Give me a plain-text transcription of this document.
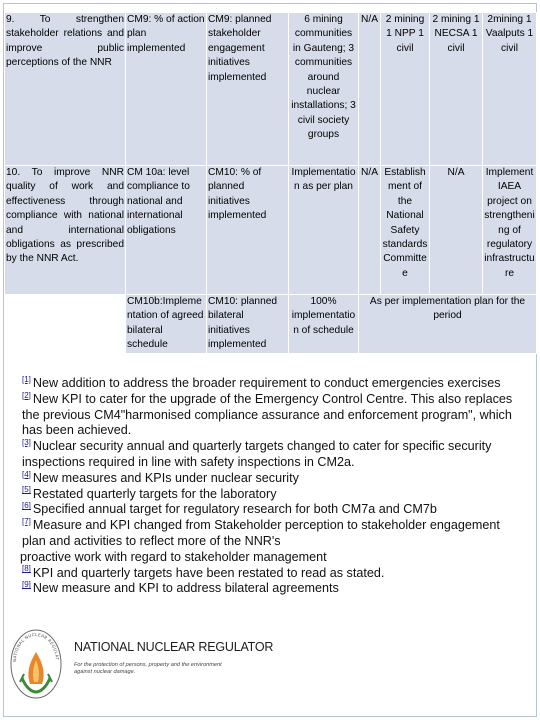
9. To strengthen stakeholder relations and improve public perceptions of the NNR	CM9: % of action plan implemented	CM9: planned stakeholder engagement initiatives implemented	6 mining communities in Gauteng; 3 communities around nuclear installations; 3 civil society groups	N/A	2 mining 1 NPP 1 civil	2 mining 1 NECSA 1 civil	2mining 1 Vaalputs 1 civil
10. To improve NNR quality of work and effectiveness through compliance with national and international obligations as prescribed by the NNR Act.	CM 10a: level compliance to national and international obligations	CM10: % of planned initiatives implemented	Implementation as per plan	N/A	Establishment of the National Safety standards Committee	N/A	Implement IAEA project on strengthening of regulatory infrastructure
	CM10b:Implementation of agreed bilateral schedule	CM10: planned bilateral initiatives implemented	100% implementation of schedule	As per implementation plan for the period			

[1] New addition to address the broader requirement to conduct emergencies exercises

[2] New KPI to cater for the upgrade of the Emergency Control Centre. This also replaces the previous CM4"harmonised compliance assurance and enforcement program", which has been achieved.

[3] Nuclear security annual and quarterly targets changed to cater for specific security inspections required in line with safety inspections in CM2a.

[4] New measures and KPIs under nuclear security

[5] Restated quarterly targets for the laboratory

[6] Specified annual target for regulatory research for both CM7a and CM7b

[7] Measure and KPI changed from Stakeholder perception to stakeholder engagement plan and activities to reflect more of the NNR's

proactive work with regard to stakeholder management

[8] KPI and quarterly targets have been restated to read as stated.

[9] New measure and KPI to address bilateral agreements

NATIONAL NUCLEAR REGULAT
NATIONAL NUCLEAR REGULATOR
For the protection of persons, property and the environment against nuclear damage.
